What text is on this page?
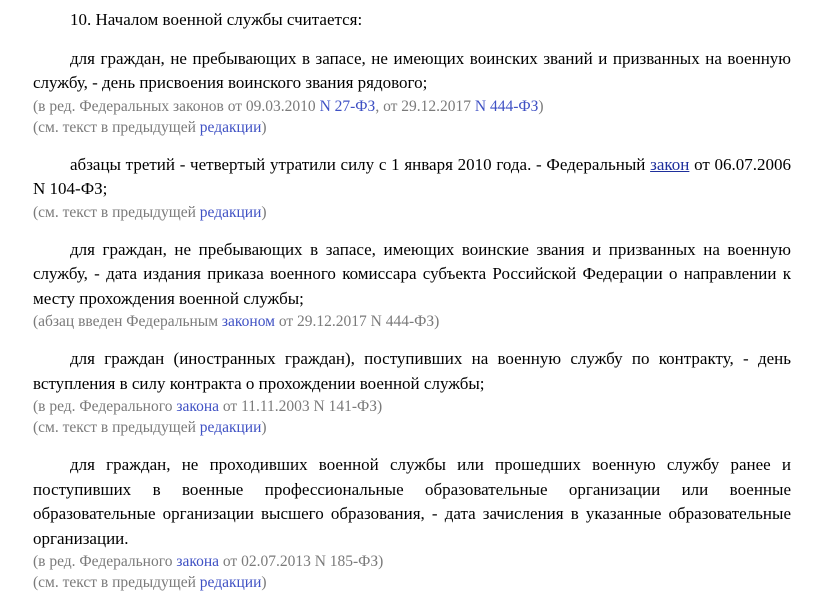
10. Началом военной службы считается:

для граждан, не пребывающих в запасе, не имеющих воинских званий и призванных на военную службу, - день присвоения воинского звания рядового;

(в ред. Федеральных законов от 09.03.2010 N 27-ФЗ, от 29.12.2017 N 444-ФЗ)

(см. текст в предыдущей редакции)

абзацы третий - четвертый утратили силу с 1 января 2010 года. - Федеральный закон от 06.07.2006 N 104-ФЗ;

(см. текст в предыдущей редакции)

для граждан, не пребывающих в запасе, имеющих воинские звания и призванных на военную службу, - дата издания приказа военного комиссара субъекта Российской Федерации о направлении к месту прохождения военной службы;

(абзац введен Федеральным законом от 29.12.2017 N 444-ФЗ)

для граждан (иностранных граждан), поступивших на военную службу по контракту, - день вступления в силу контракта о прохождении военной службы;

(в ред. Федерального закона от 11.11.2003 N 141-ФЗ)

(см. текст в предыдущей редакции)

для граждан, не проходивших военной службы или прошедших военную службу ранее и поступивших в военные профессиональные образовательные организации или военные образовательные организации высшего образования, - дата зачисления в указанные образовательные организации.

(в ред. Федерального закона от 02.07.2013 N 185-ФЗ)

(см. текст в предыдущей редакции)
